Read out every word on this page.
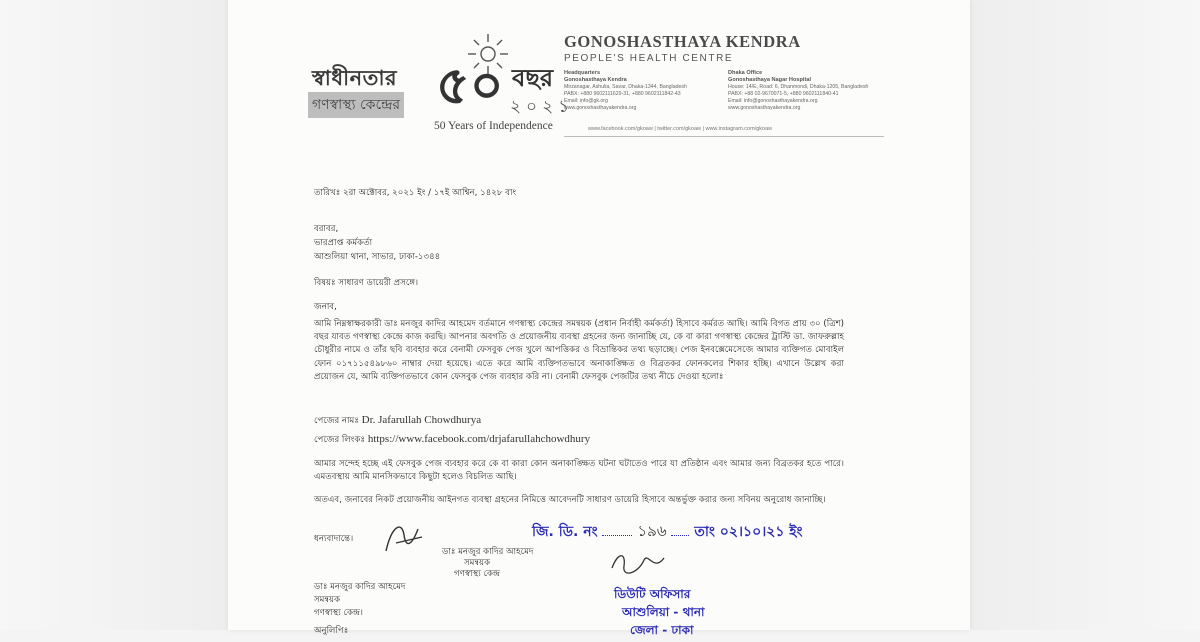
স্বাধীনতার
গণস্বাস্থ্য কেন্দ্রের ৫০ বছর
২০২১
50 Years of Independence
GONOSHASTHAYA KENDRA
PEOPLE'S HEALTH CENTRE
Headquarters
Gonoshasthaya Kendra
Mirzanagar, Ashulia, Savar, Dhaka-1344, Bangladesh
PABX: +880 9602111629-31, +880 9602111842-43
Email: info@gk.org
www.gonoshasthayakendra.org
Dhaka Office
Gonoshasthaya Nagar Hospital
House: 14/E, Road: 6, Dhanmondi, Dhaka-1205, Bangladesh
PABX: +88 02-9670071-5, +880 9602111840-41
Email: info@gonoshasthayakendra.org
www.gonoshasthayakendra.org
www.facebook.com/gkoaw | twitter.com/gkoaw | www.instagram.com/gkoaw
তারিখঃ ২রা অক্টোবর, ২০২১ ইং / ১৭ই আশ্বিন, ১৪২৮ বাং
বরাবর,
ভারপ্রাপ্ত কর্মকর্তা
আশুলিয়া থানা, সাভার, ঢাকা-১৩৪৪
বিষয়ঃ সাধারণ ডায়েরী প্রসঙ্গে।
জনাব,
আমি নিম্নস্বাক্ষরকারী ডাঃ মনজুর কাদির আহমেদ বর্তমানে গণস্বাস্থ্য কেন্দ্রের সমন্বয়ক (প্রধান নির্বাহী কর্মকর্তা) হিসাবে কর্মরত আছি। আমি বিগত প্রায় ৩০ (ত্রিশ) বছর যাবত গণস্বাস্থ্য কেন্দ্রে কাজ করছি। আপনার অবগতি ও প্রয়োজনীয় ব্যবস্থা গ্রহনের জন্য জানাচ্ছি যে, কে বা কারা গণস্বাস্থ্য কেন্দ্রের ট্রাস্টি ডা. জাফরুল্লাহ চৌধুরীর নামে ও তাঁর ছবি ব্যবহার করে বেনামী ফেসবুক পেজ খুলে আপত্তিকর ও বিভ্রান্তিকর তথ্য ছড়াচ্ছে। পেজ ইনবক্সেমেসেজে আমার ব্যক্তিগত মোবাইল ফোন ০১৭১১৫৪৯৮৬০ নাম্বার দেয়া হয়েছে। এতে করে আমি ব্যক্তিগতভাবে অনাকাঙ্ক্ষিত ও বিব্রতকর ফোনকলের শিকার হচ্ছি। এখানে উল্লেখ করা প্রয়োজন যে, আমি ব্যক্তিগতভাবে কোন ফেসবুক পেজ ব্যবহার করি না। বেনামী ফেসবুক পেজটির তথ্য নীচে দেওয়া হলোঃ
পেজের নামঃ Dr. Jafarullah Chowdhurya
পেজের লিংকঃ https://www.facebook.com/drjafarullahchowdhury
আমার সন্দেহ হচ্ছে এই ফেসবুক পেজ ব্যবহার করে কে বা কারা কোন অনাকাঙ্ক্ষিত ঘটনা ঘটাতেও পারে যা প্রতিষ্ঠান এবং আমার জন্য বিব্রতকর হতে পারে। এমতবস্থায় আমি মানসিকভাবে কিছুটা হলেও বিচলিত আছি।
অতএব, জনাবের নিকট প্রয়োজনীয় আইনগত ব্যবস্থা গ্রহনের নিমিত্তে আবেদনটি সাধারণ ডায়েরি হিসাবে অন্তর্ভুক্ত করার জন্য সবিনয় অনুরোধ জানাচ্ছি।
ধন্যবাদান্তে।
ডাঃ মনজুর কাদির আহমেদ
সমন্বয়ক
গণস্বাস্থ্য কেন্দ্র
ডাঃ মনজুর কাদির আহমেদ
সমন্বয়ক
গণস্বাস্থ্য কেন্দ্র।
অনুলিপিঃ
জি. ডি. নং	১৯৬ তাং ০২।১০।২১ ইং
ডিউটি অফিসার
আশুলিয়া - থানা
জেলা - ঢাকা
